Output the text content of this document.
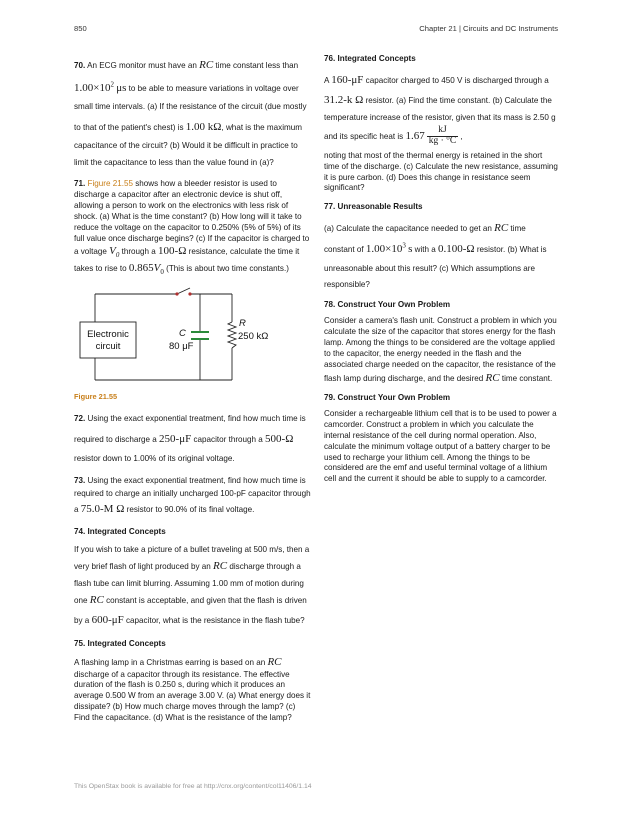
850	Chapter 21 | Circuits and DC Instruments
70. An ECG monitor must have an RC time constant less than $1.00\times 10^2$ μs to be able to measure variations in voltage over small time intervals. (a) If the resistance of the circuit (due mostly to that of the patient's chest) is 1.00 kΩ, what is the maximum capacitance of the circuit? (b) Would it be difficult in practice to limit the capacitance to less than the value found in (a)?
71. Figure 21.55 shows how a bleeder resistor is used to discharge a capacitor after an electronic device is shut off, allowing a person to work on the electronics with less risk of shock. (a) What is the time constant? (b) How long will it take to reduce the voltage on the capacitor to 0.250% (5% of 5%) of its full value once discharge begins? (c) If the capacitor is charged to a voltage $V_0$ through a 100-Ω resistance, calculate the time it takes to rise to $0.865V_0$ (This is about two time constants.)
Electronic
circuit
C
80 μF
R
250 kΩ
Figure 21.55
72. Using the exact exponential treatment, find how much time is required to discharge a 250-μF capacitor through a 500-Ω resistor down to 1.00% of its original voltage.
73. Using the exact exponential treatment, find how much time is required to charge an initially uncharged 100-pF capacitor through a 75.0-M Ω resistor to 90.0% of its final voltage.
74. Integrated Concepts
If you wish to take a picture of a bullet traveling at 500 m/s, then a very brief flash of light produced by an RC discharge through a flash tube can limit blurring. Assuming 1.00 mm of motion during one RC constant is acceptable, and given that the flash is driven by a 600-μF capacitor, what is the resistance in the flash tube?
75. Integrated Concepts
A flashing lamp in a Christmas earring is based on an RC discharge of a capacitor through its resistance. The effective duration of the flash is 0.250 s, during which it produces an average 0.500 W from an average 3.00 V. (a) What energy does it dissipate? (b) How much charge moves through the lamp? (c) Find the capacitance. (d) What is the resistance of the lamp?
76. Integrated Concepts
A 160-μF capacitor charged to 450 V is discharged through a 31.2-k Ω resistor. (a) Find the time constant. (b) Calculate the temperature increase of the resistor, given that its mass is 2.50 g and its specific heat is $1.67 \frac{kJ}{kg \cdot ^\circ C}$ ,
noting that most of the thermal energy is retained in the short time of the discharge. (c) Calculate the new resistance, assuming it is pure carbon. (d) Does this change in resistance seem significant?
77. Unreasonable Results
(a) Calculate the capacitance needed to get an RC time constant of $1.00\times 10^3$ s with a 0.100-Ω resistor. (b) What is unreasonable about this result? (c) Which assumptions are responsible?
78. Construct Your Own Problem
Consider a camera's flash unit. Construct a problem in which you calculate the size of the capacitor that stores energy for the flash lamp. Among the things to be considered are the voltage applied to the capacitor, the energy needed in the flash and the associated charge needed on the capacitor, the resistance of the flash lamp during discharge, and the desired RC time constant.
79. Construct Your Own Problem
Consider a rechargeable lithium cell that is to be used to power a camcorder. Construct a problem in which you calculate the internal resistance of the cell during normal operation. Also, calculate the minimum voltage output of a battery charger to be used to recharge your lithium cell. Among the things to be considered are the emf and useful terminal voltage of a lithium cell and the current it should be able to supply to a camcorder.
This OpenStax book is available for free at http://cnx.org/content/col11406/1.14
